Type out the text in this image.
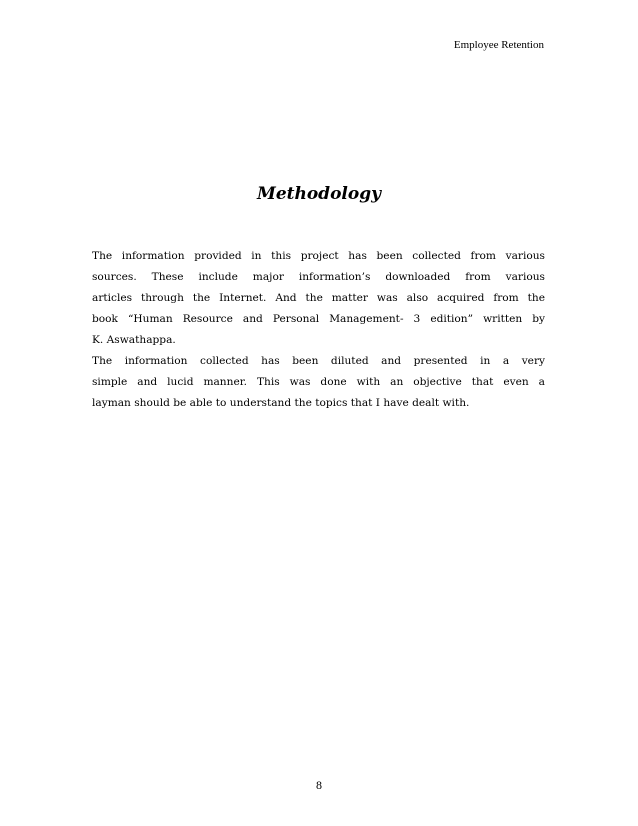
Employee Retention
Methodology

The information provided in this project has been collected from various
sources. These include major information’s downloaded from various
articles through the Internet. And the matter was also acquired from the
book “Human Resource and Personal Management- 3 edition” written by
K. Aswathappa.

The information collected has been diluted and presented in a very
simple and lucid manner. This was done with an objective that even a
layman should be able to understand the topics that I have dealt with.

8
